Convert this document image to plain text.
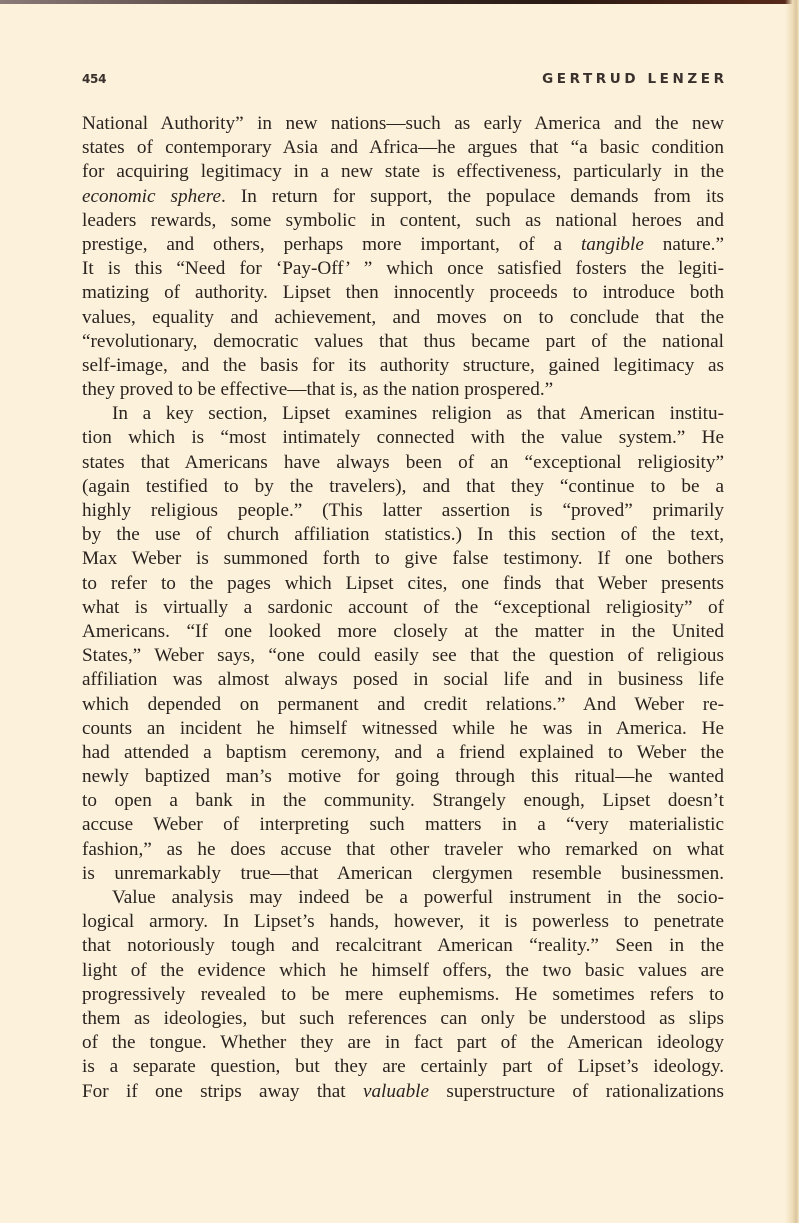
454	GERTRUD LENZER
National Authority” in new nations—such as early America and the new
states of contemporary Asia and Africa—he argues that “a basic condition
for acquiring legitimacy in a new state is effectiveness, particularly in the
economic sphere. In return for support, the populace demands from its
leaders rewards, some symbolic in content, such as national heroes and
prestige, and others, perhaps more important, of a tangible nature.”
It is this “Need for ‘Pay-Off’ ” which once satisfied fosters the legiti-
matizing of authority. Lipset then innocently proceeds to introduce both
values, equality and achievement, and moves on to conclude that the
“revolutionary, democratic values that thus became part of the national
self-image, and the basis for its authority structure, gained legitimacy as
they proved to be effective—that is, as the nation prospered.”
In a key section, Lipset examines religion as that American institu-
tion which is “most intimately connected with the value system.” He
states that Americans have always been of an “exceptional religiosity”
(again testified to by the travelers), and that they “continue to be a
highly religious people.” (This latter assertion is “proved” primarily
by the use of church affiliation statistics.) In this section of the text,
Max Weber is summoned forth to give false testimony. If one bothers
to refer to the pages which Lipset cites, one finds that Weber presents
what is virtually a sardonic account of the “exceptional religiosity” of
Americans. “If one looked more closely at the matter in the United
States,” Weber says, “one could easily see that the question of religious
affiliation was almost always posed in social life and in business life
which depended on permanent and credit relations.” And Weber re-
counts an incident he himself witnessed while he was in America. He
had attended a baptism ceremony, and a friend explained to Weber the
newly baptized man’s motive for going through this ritual—he wanted
to open a bank in the community. Strangely enough, Lipset doesn’t
accuse Weber of interpreting such matters in a “very materialistic
fashion,” as he does accuse that other traveler who remarked on what
is unremarkably true—that American clergymen resemble businessmen.
Value analysis may indeed be a powerful instrument in the socio-
logical armory. In Lipset’s hands, however, it is powerless to penetrate
that notoriously tough and recalcitrant American “reality.” Seen in the
light of the evidence which he himself offers, the two basic values are
progressively revealed to be mere euphemisms. He sometimes refers to
them as ideologies, but such references can only be understood as slips
of the tongue. Whether they are in fact part of the American ideology
is a separate question, but they are certainly part of Lipset’s ideology.
For if one strips away that valuable superstructure of rationalizations
